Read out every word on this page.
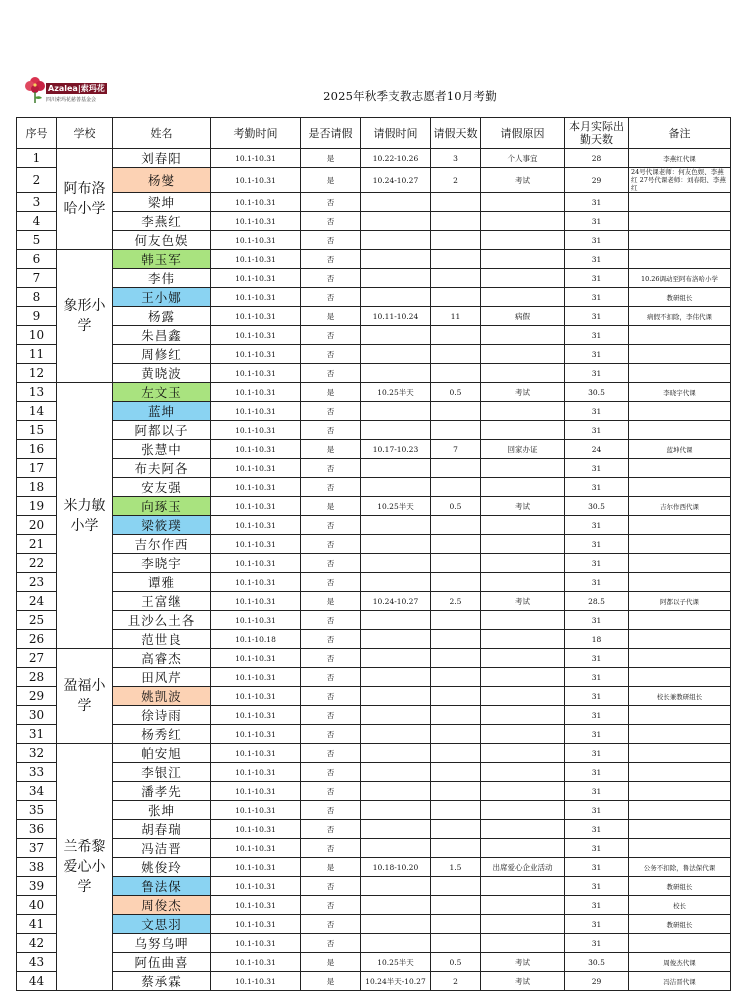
Azalea|索玛花
四川索玛花慈善基金会	2025年秋季支教志愿者10月考勤
序号	学校	姓名	考勤时间	是否请假	请假时间	请假天数	请假原因	本月实际出勤天数	备注
1	阿布洛哈小学	刘春阳	10.1-10.31	是	10.22-10.26	3	个人事宜	28	李燕红代课
2		杨燮	10.1-10.31	是	10.24-10.27	2	考试	29	24号代课老师：何友色娱、李燕红 27号代课老师：刘春阳、李燕红
3		梁坤	10.1-10.31	否				31	
4		李燕红	10.1-10.31	否				31	
5		何友色娱	10.1-10.31	否				31	
6	象形小学	韩玉军	10.1-10.31	否				31	
7		李伟	10.1-10.31	否				31	10.26调动至阿布洛哈小学
8		王小娜	10.1-10.31	否				31	教研组长
9		杨露	10.1-10.31	是	10.11-10.24	11	病假	31	病假不扣除，李伟代课
10		朱昌鑫	10.1-10.31	否				31	
11		周修红	10.1-10.31	否				31	
12		黄晓波	10.1-10.31	否				31	
13	米力敏小学	左文玉	10.1-10.31	是	10.25半天	0.5	考试	30.5	李晓宇代课
14		蓝坤	10.1-10.31	否				31	
15		阿都以子	10.1-10.31	否				31	
16		张慧中	10.1-10.31	是	10.17-10.23	7	回家办证	24	蓝坤代课
17		布夫阿各	10.1-10.31	否				31	
18		安友强	10.1-10.31	否				31	
19		向琢玉	10.1-10.31	是	10.25半天	0.5	考试	30.5	吉尔作西代课
20		梁筱璞	10.1-10.31	否				31	
21		吉尔作西	10.1-10.31	否				31	
22		李晓宇	10.1-10.31	否				31	
23		谭雅	10.1-10.31	否				31	
24		王富继	10.1-10.31	是	10.24-10.27	2.5	考试	28.5	阿都以子代课
25		且沙么土各	10.1-10.31	否				31	
26		范世良	10.1-10.18	否				18	
27	盈福小学	高睿杰	10.1-10.31	否				31	
28		田风芹	10.1-10.31	否				31	
29		姚凯波	10.1-10.31	否				31	校长兼教研组长
30		徐诗雨	10.1-10.31	否				31	
31		杨秀红	10.1-10.31	否				31	
32	兰希黎爱心小学	帕安旭	10.1-10.31	否				31	
33		李银江	10.1-10.31	否				31	
34		潘孝先	10.1-10.31	否				31	
35		张坤	10.1-10.31	否				31	
36		胡春瑞	10.1-10.31	否				31	
37		冯洁晋	10.1-10.31	否				31	
38		姚俊玲	10.1-10.31	是	10.18-10.20	1.5	出席爱心企业活动	31	公务不扣除，鲁法保代课
39		鲁法保	10.1-10.31	否				31	教研组长
40		周俊杰	10.1-10.31	否				31	校长
41		文思羽	10.1-10.31	否				31	教研组长
42		乌努乌呷	10.1-10.31	否				31	
43		阿伍曲喜	10.1-10.31	是	10.25半天	0.5	考试	30.5	周俊杰代课
44		蔡承霖	10.1-10.31	是	10.24半天-10.27	2	考试	29	冯洁晋代课
